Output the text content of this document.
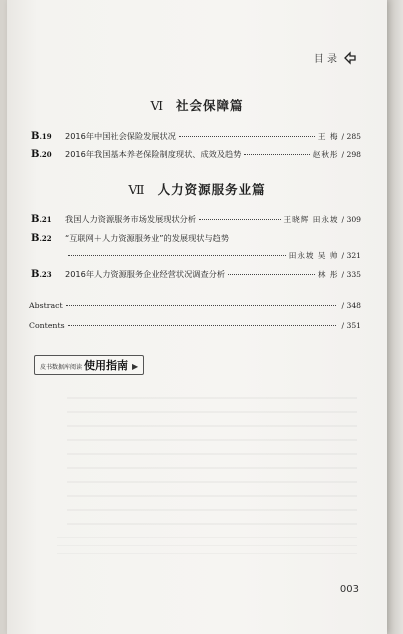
目 录
Ⅵ 社会保障篇
B.19	2016年中国社会保险发展状况	王 梅 / 285
B.20	2016年我国基本养老保险制度现状、成效及趋势	赵秋彤 / 298
Ⅶ 人力资源服务业篇
B.21	我国人力资源服务市场发展现状分析	王晓辉 田永坡 / 309
B.22	“互联网＋人力资源服务业”的发展现状与趋势
田永坡 吴 帅 / 321
B.23	2016年人力资源服务企业经营状况调查分析	林 彤 / 335
Abstract	/ 348
Contents	/ 351
皮书数据库阅读 使用指南 ▶
003
